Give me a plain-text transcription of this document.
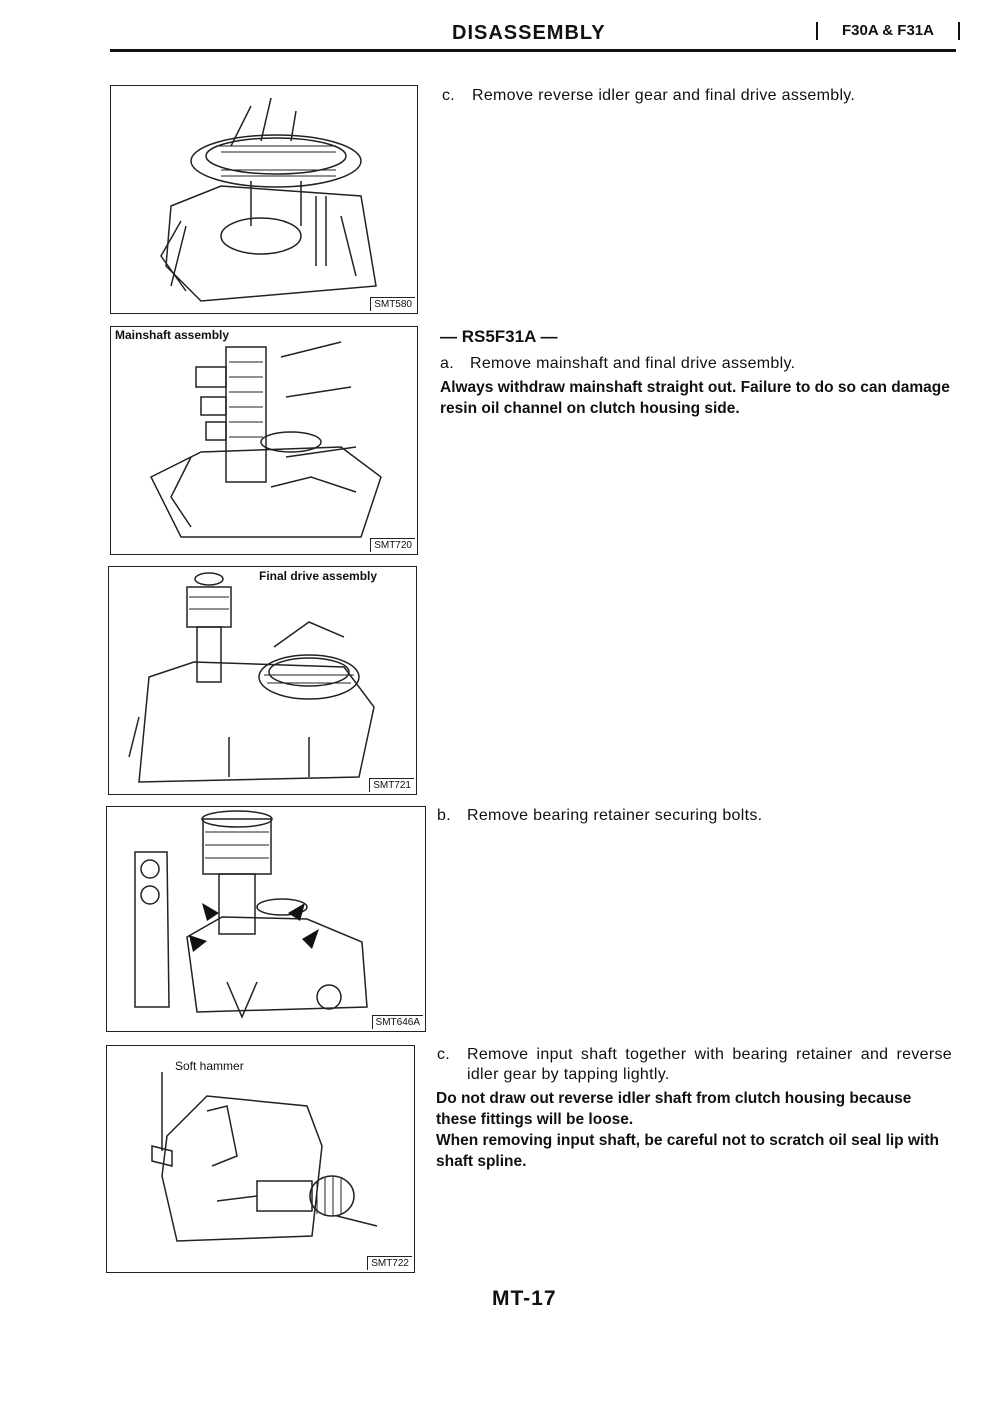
DISASSEMBLY	F30A & F31A
SMT580
Mainshaft assembly
SMT720
Final drive assembly
SMT721
SMT646A
Soft hammer
SMT722
c. Remove reverse idler gear and final drive assembly.
— RS5F31A —
a. Remove mainshaft and final drive assembly.
Always withdraw mainshaft straight out. Failure to do so can damage resin oil channel on clutch housing side.
b. Remove bearing retainer securing bolts.
c.	Remove input shaft together with bearing retainer and reverse idler gear by tapping lightly.
Do not draw out reverse idler shaft from clutch housing because these fittings will be loose.
When removing input shaft, be careful not to scratch oil seal lip with shaft spline.
MT-17
